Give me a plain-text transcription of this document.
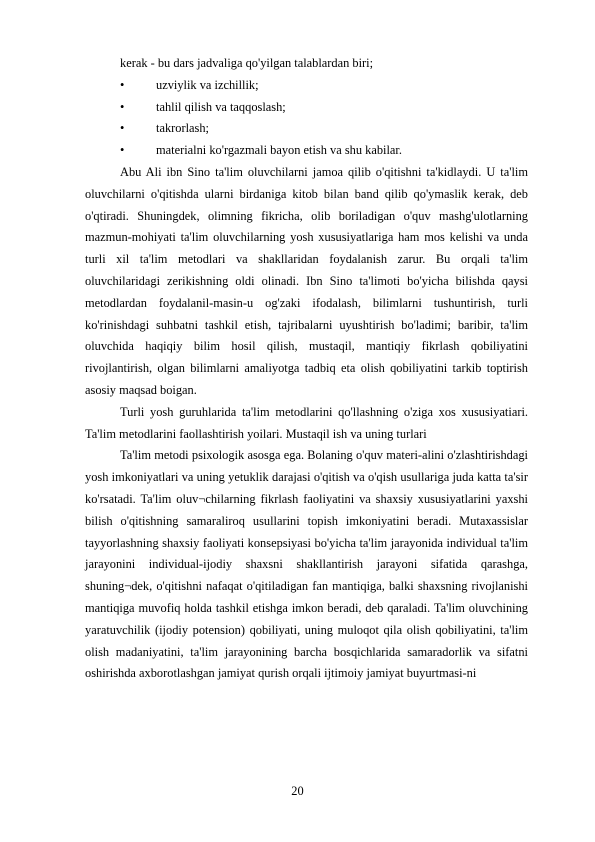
kerak - bu dars jadvaliga qo'yilgan talablardan biri;

•	uzviylik va izchillik;

•	tahlil qilish va taqqoslash;

•	takrorlash;

•	materialni ko'rgazmali bayon etish va shu kabilar.

Abu Ali ibn Sino ta'lim oluvchilarni jamoa qilib o'qitishni ta'kidlaydi. U ta'lim oluvchilarni o'qitishda ularni birdaniga kitob bilan band qilib qo'ymaslik kerak, deb o'qtiradi. Shuningdek, olimning fikricha, olib boriladigan o'quv mashg'ulotlarning mazmun-mohiyati ta'lim oluvchilarning yosh xususiyatlariga ham mos kelishi va unda turli xil ta'lim metodlari va shakllaridan foydalanish zarur. Bu orqali ta'lim oluvchilaridagi zerikishning oldi olinadi. Ibn Sino ta'limoti bo'yicha bilishda qaysi metodlardan foydalanil-masin-u og'zaki ifodalash, bilimlarni tushuntirish, turli ko'rinishdagi suhbatni tashkil etish, tajribalarni uyushtirish bo'ladimi; baribir, ta'lim oluvchida haqiqiy bilim hosil qilish, mustaqil, mantiqiy fikrlash qobiliyatini rivojlantirish, olgan bilimlarni amaliyotga tadbiq eta olish qobiliyatini tarkib toptirish asosiy maqsad boigan.

Turli yosh guruhlarida ta'lim metodlarini qo'llashning o'ziga xos xususiyatiari. Ta'lim metodlarini faollashtirish yoilari. Mustaqil ish va uning turlari

Ta'lim metodi psixologik asosga ega. Bolaning o'quv materi-alini o'zlashtirishdagi yosh imkoniyatlari va uning yetuklik darajasi o'qitish va o'qish usullariga juda katta ta'sir ko'rsatadi. Ta'lim oluv¬chilarning fikrlash faoliyatini va shaxsiy xususiyatlarini yaxshi bilish o'qitishning samaraliroq usullarini topish imkoniyatini beradi. Mutaxassislar tayyorlashning shaxsiy faoliyati konsepsiyasi bo'yicha ta'lim jarayonida individual ta'lim jarayonini individual-ijodiy shaxsni shakllantirish jarayoni sifatida qarashga, shuning¬dek, o'qitishni nafaqat o'qitiladigan fan mantiqiga, balki shaxsning rivojlanishi mantiqiga muvofiq holda tashkil etishga imkon beradi, deb qaraladi. Ta'lim oluvchining yaratuvchilik (ijodiy potension) qobiliyati, uning muloqot qila olish qobiliyatini, ta'lim olish madaniyatini, ta'lim jarayonining barcha bosqichlarida samaradorlik va sifatni oshirishda axborotlashgan jamiyat qurish orqali ijtimoiy jamiyat buyurtmasi-ni

20
